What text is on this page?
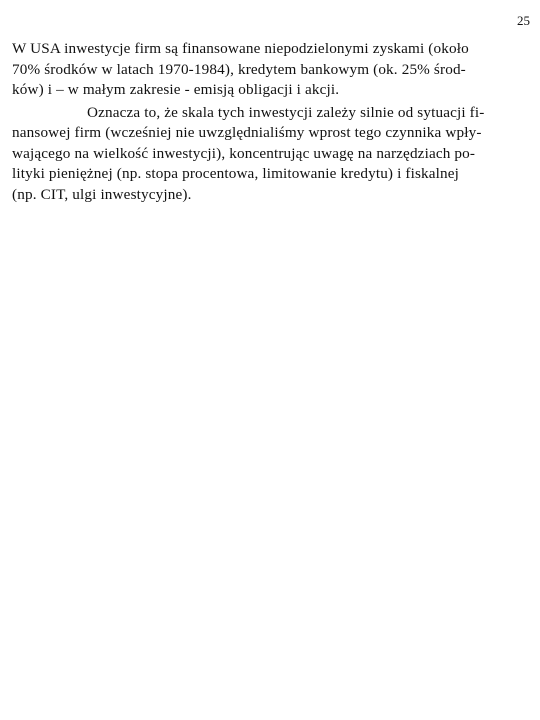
25

W USA inwestycje firm są finansowane niepodzielonymi zyskami (około
70% środków w latach 1970-1984), kredytem bankowym (ok. 25% środ-
ków) i – w małym zakresie - emisją obligacji i akcji.

Oznacza to, że skala tych inwestycji zależy silnie od sytuacji fi-
nansowej firm (wcześniej nie uwzględnialiśmy wprost tego czynnika wpły-
wającego na wielkość inwestycji), koncentrując uwagę na narzędziach po-
lityki pieniężnej (np. stopa procentowa, limitowanie kredytu) i fiskalnej
(np. CIT, ulgi inwestycyjne).
